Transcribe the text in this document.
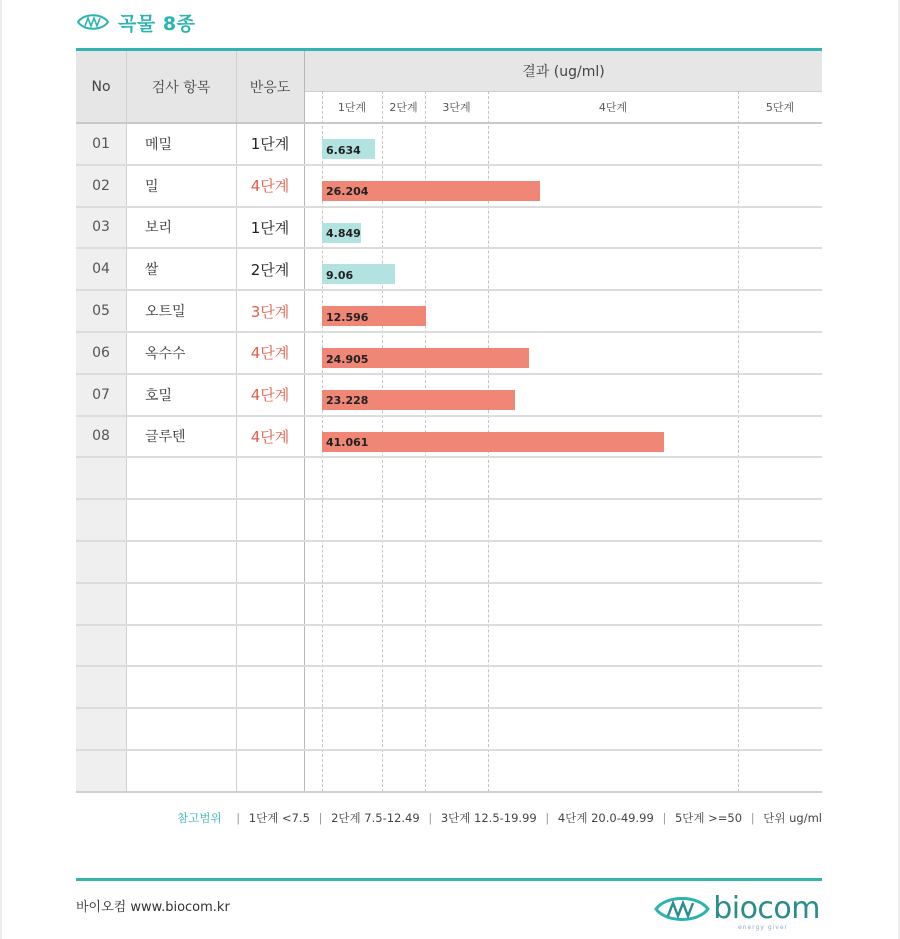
곡물 8종
No	검사 항목	반응도
결과 (ug/ml)
1단계	2단계	3단계	4단계	5단계
01	메밀	1단계	6.634
02	밀	4단계	26.204
03	보리	1단계	4.849
04	쌀	2단계	9.06
05	오트밀	3단계	12.596
06	옥수수	4단계	24.905
07	호밀	4단계	23.228
08	글루텐	4단계	41.061
참고범위 | 1단계 <7.5 | 2단계 7.5-12.49 | 3단계 12.5-19.99 | 4단계 20.0-49.99 | 5단계 >=50 | 단위 ug/ml
바이오컴 www.biocom.kr	biocom
energy giver
